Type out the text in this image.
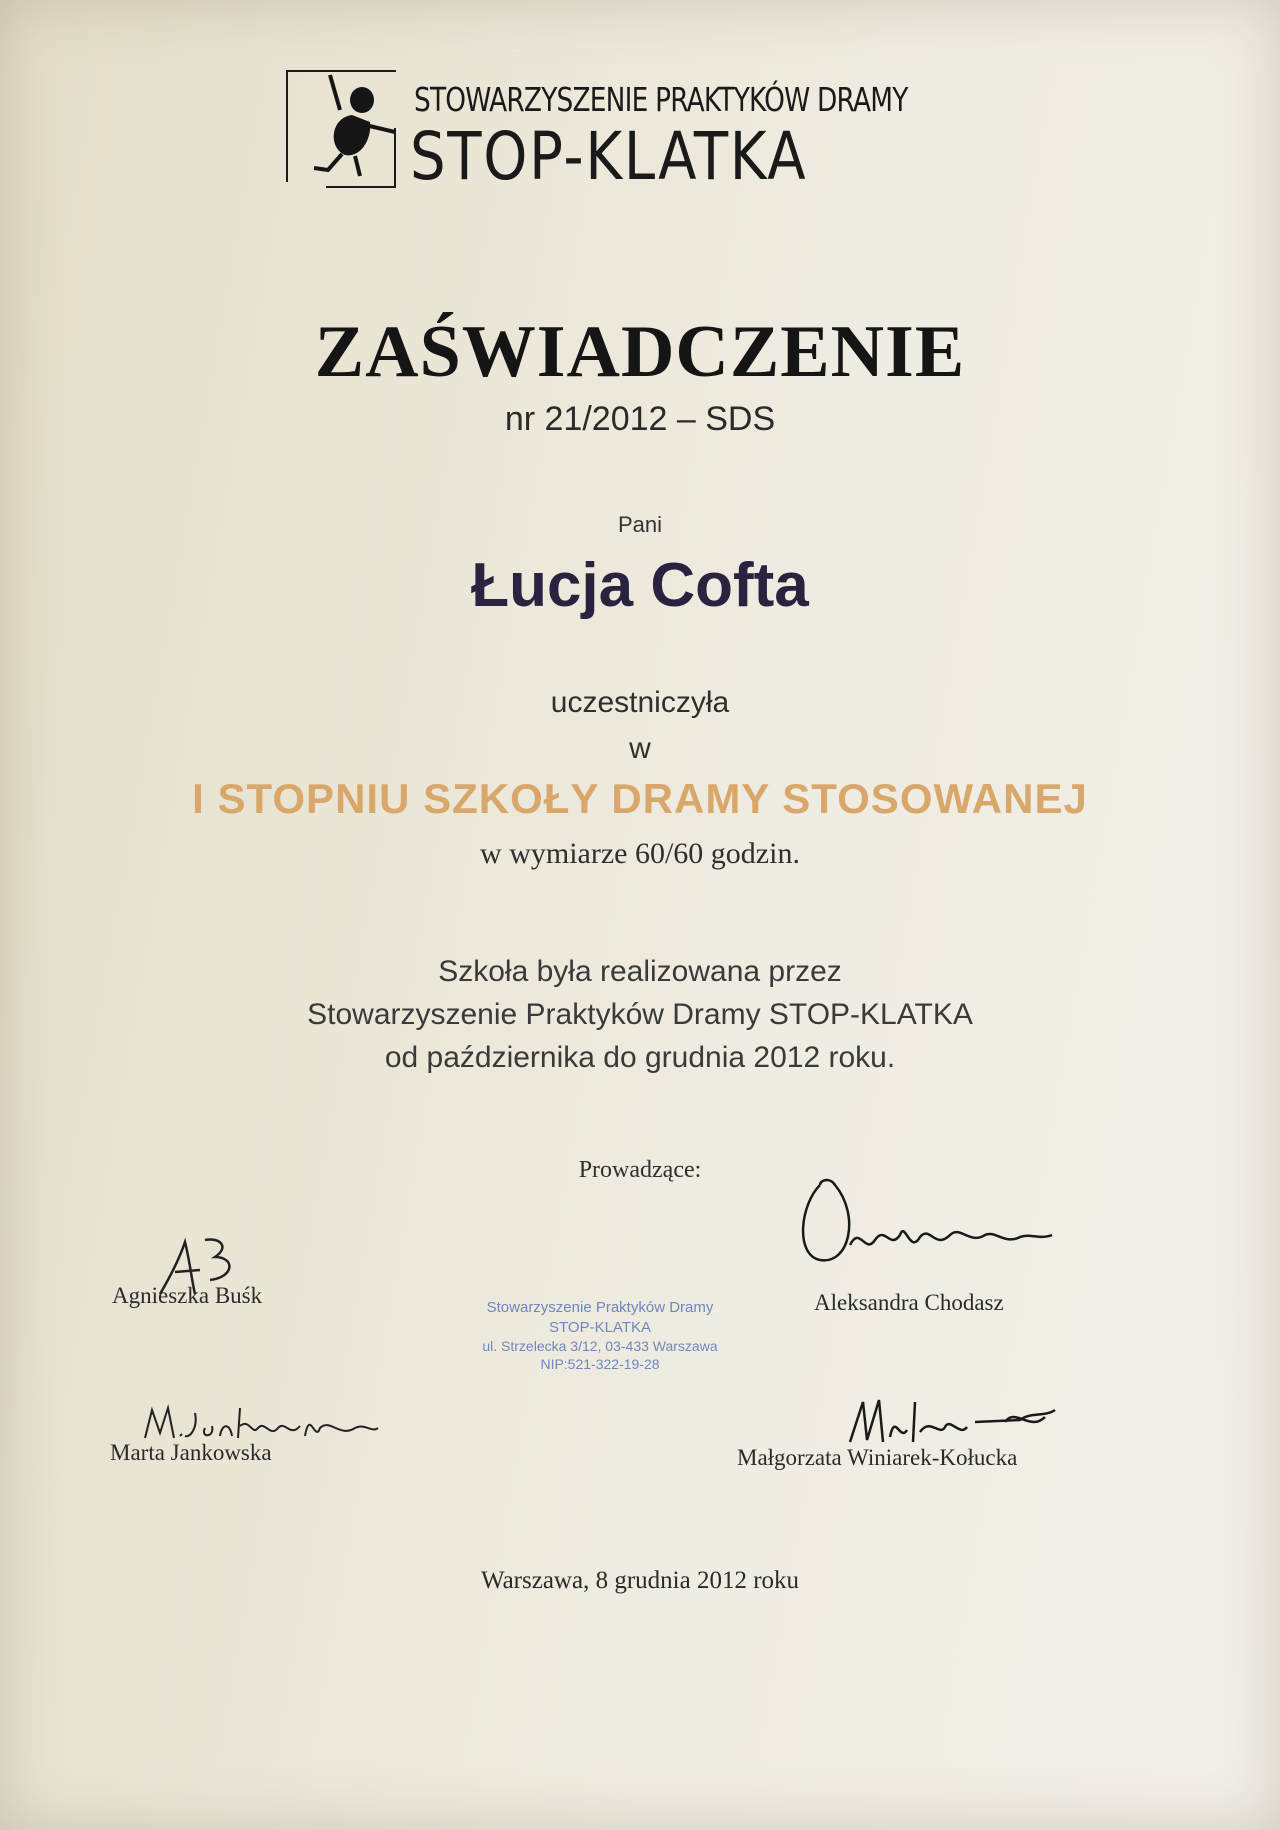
STOWARZYSZENIE PRAKTYKÓW DRAMY
STOP-KLATKA
ZAŚWIADCZENIE
nr 21/2012 – SDS
Pani
Łucja Cofta
uczestniczyła
w
I STOPNIU SZKOŁY DRAMY STOSOWANEJ
w wymiarze 60/60 godzin.
Szkoła była realizowana przez
Stowarzyszenie Praktyków Dramy STOP-KLATKA
od października do grudnia 2012 roku.
Prowadzące:
Agnieszka Buśk	Aleksandra Chodasz
Marta Jankowska	Małgorzata Winiarek-Kołucka
Stowarzyszenie Praktyków Dramy
STOP-KLATKA
ul. Strzelecka 3/12, 03-433 Warszawa
NIP:521-322-19-28
Warszawa, 8 grudnia 2012 roku
